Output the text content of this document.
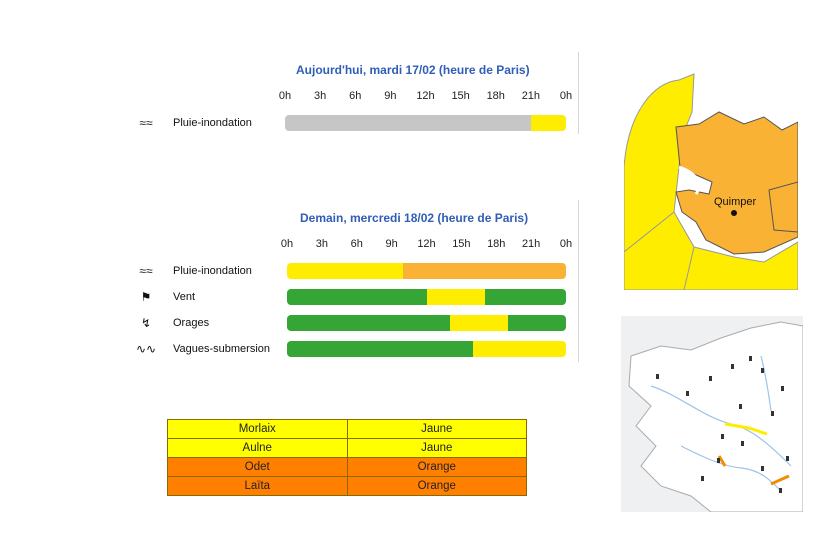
Aujourd'hui, mardi 17/02 (heure de Paris)
0h	3h	6h	9h	12h	15h	18h	21h	0h
≈≈	Pluie-inondation
Demain, mercredi 18/02 (heure de Paris)
0h	3h	6h	9h	12h	15h	18h	21h	0h
≈≈	Pluie-inondation
⚑	Vent
↯	Orages
∿∿ Vagues-submersion
Morlaix	Jaune
Aulne	Jaune
Odet	Orange
Laïta	Orange
Quimper
